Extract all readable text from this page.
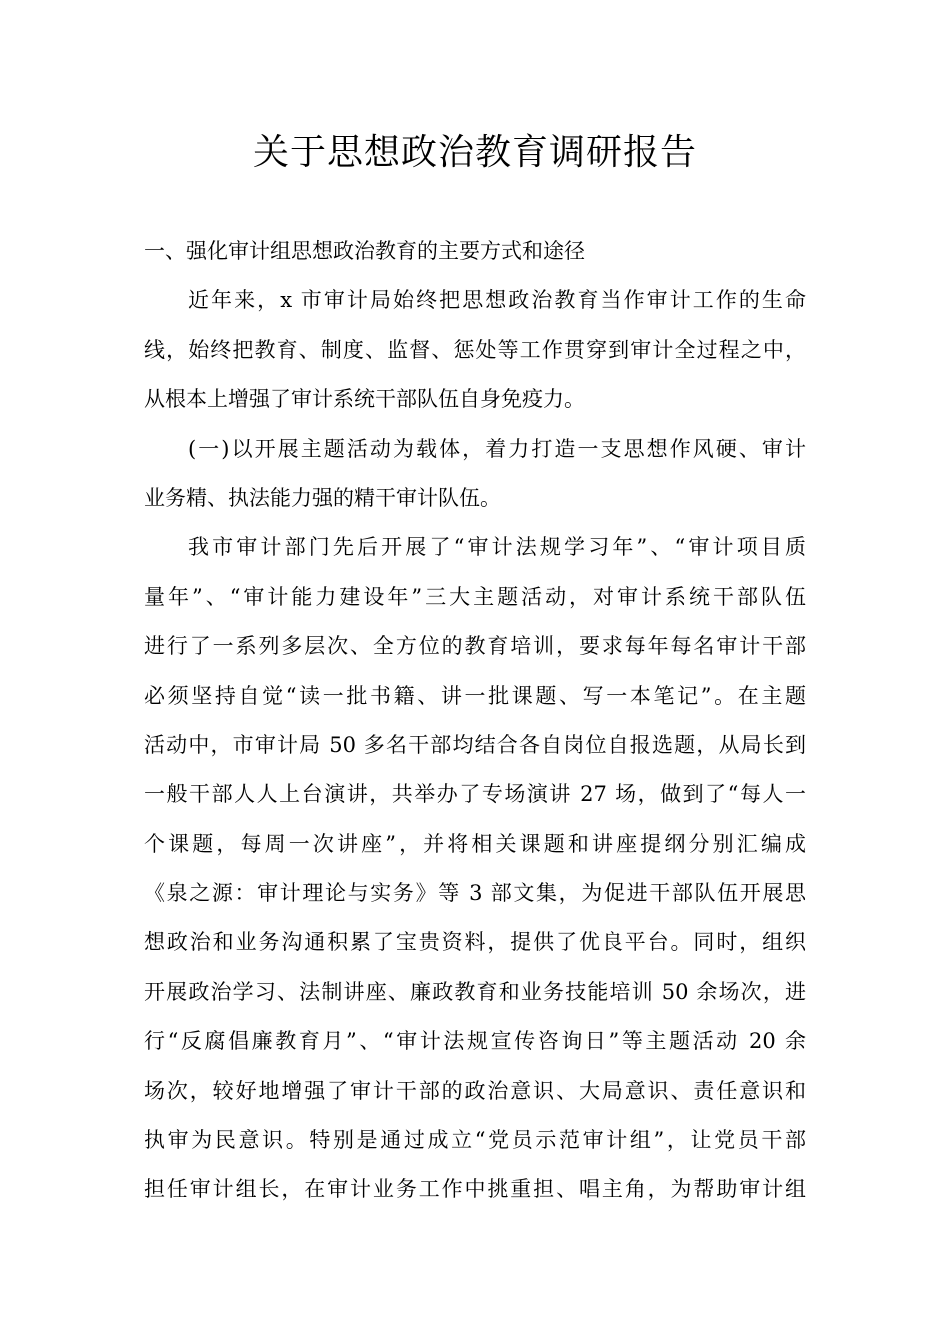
关于思想政治教育调研报告
一、强化审计组思想政治教育的主要方式和途径
近年来，x 市审计局始终把思想政治教育当作审计工作的生命
线，始终把教育、制度、监督、惩处等工作贯穿到审计全过程之中，
从根本上增强了审计系统干部队伍自身免疫力。
(一)以开展主题活动为载体，着力打造一支思想作风硬、审计
业务精、执法能力强的精干审计队伍。
我市审计部门先后开展了“审计法规学习年”、“审计项目质
量年”、“审计能力建设年”三大主题活动，对审计系统干部队伍
进行了一系列多层次、全方位的教育培训，要求每年每名审计干部
必须坚持自觉“读一批书籍、讲一批课题、写一本笔记”。在主题
活动中，市审计局 50 多名干部均结合各自岗位自报选题，从局长到
一般干部人人上台演讲，共举办了专场演讲 27 场，做到了“每人一
个课题，每周一次讲座”，并将相关课题和讲座提纲分别汇编成
《泉之源：审计理论与实务》等 3 部文集，为促进干部队伍开展思
想政治和业务沟通积累了宝贵资料，提供了优良平台。同时，组织
开展政治学习、法制讲座、廉政教育和业务技能培训 50 余场次，进
行“反腐倡廉教育月”、“审计法规宣传咨询日”等主题活动 20 余
场次，较好地增强了审计干部的政治意识、大局意识、责任意识和
执审为民意识。特别是通过成立“党员示范审计组”，让党员干部
担任审计组长，在审计业务工作中挑重担、唱主角，为帮助审计组
